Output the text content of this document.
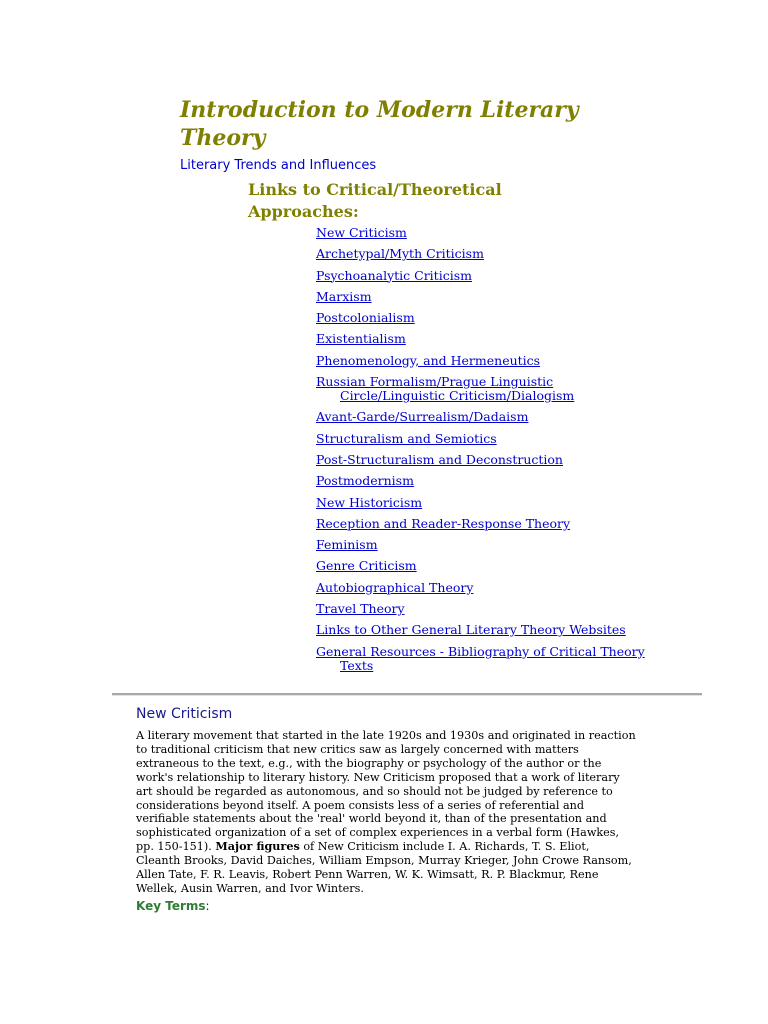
Introduction to Modern Literary Theory
Literary Trends and Influences
Links to Critical/Theoretical Approaches:
New Criticism
Archetypal/Myth Criticism
Psychoanalytic Criticism
Marxism
Postcolonialism
Existentialism
Phenomenology, and Hermeneutics
Russian Formalism/Prague Linguistic Circle/Linguistic Criticism/Dialogism
Avant-Garde/Surrealism/Dadaism
Structuralism and Semiotics
Post-Structuralism and Deconstruction
Postmodernism
New Historicism
Reception and Reader-Response Theory
Feminism
Genre Criticism
Autobiographical Theory
Travel Theory
Links to Other General Literary Theory Websites
General Resources - Bibliography of Critical Theory Texts
New Criticism

A literary movement that started in the late 1920s and 1930s and originated in reaction to traditional criticism that new critics saw as largely concerned with matters extraneous to the text, e.g., with the biography or psychology of the author or the work's relationship to literary history. New Criticism proposed that a work of literary art should be regarded as autonomous, and so should not be judged by reference to considerations beyond itself. A poem consists less of a series of referential and verifiable statements about the 'real' world beyond it, than of the presentation and sophisticated organization of a set of complex experiences in a verbal form (Hawkes, pp. 150-151). Major figures of New Criticism include I. A. Richards, T. S. Eliot, Cleanth Brooks, David Daiches, William Empson, Murray Krieger, John Crowe Ransom, Allen Tate, F. R. Leavis, Robert Penn Warren, W. K. Wimsatt, R. P. Blackmur, Rene Wellek, Ausin Warren, and Ivor Winters.

Key Terms:
